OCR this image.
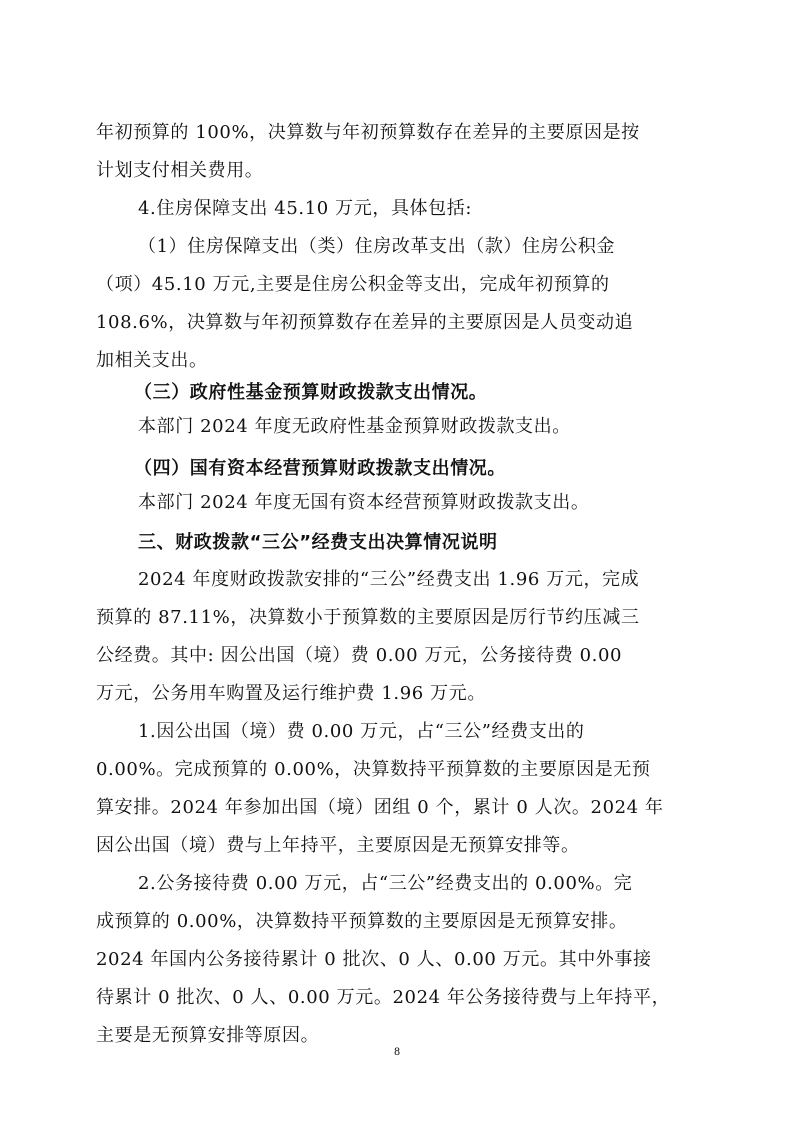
年初预算的 100%，决算数与年初预算数存在差异的主要原因是按
计划支付相关费用。
4.住房保障支出 45.10 万元，具体包括:
（1）住房保障支出（类）住房改革支出（款）住房公积金
（项）45.10 万元,主要是住房公积金等支出，完成年初预算的
108.6%，决算数与年初预算数存在差异的主要原因是人员变动追
加相关支出。
（三）政府性基金预算财政拨款支出情况。
本部门 2024 年度无政府性基金预算财政拨款支出。
（四）国有资本经营预算财政拨款支出情况。
本部门 2024 年度无国有资本经营预算财政拨款支出。
三、财政拨款“三公”经费支出决算情况说明
2024 年度财政拨款安排的“三公”经费支出 1.96 万元，完成
预算的 87.11%，决算数小于预算数的主要原因是厉行节约压减三
公经费。其中: 因公出国（境）费 0.00 万元，公务接待费 0.00
万元，公务用车购置及运行维护费 1.96 万元。
1.因公出国（境）费 0.00 万元，占“三公”经费支出的
0.00%。完成预算的 0.00%，决算数持平预算数的主要原因是无预
算安排。2024 年参加出国（境）团组 0 个，累计 0 人次。2024 年
因公出国（境）费与上年持平，主要原因是无预算安排等。
2.公务接待费 0.00 万元，占“三公”经费支出的 0.00%。完
成预算的 0.00%，决算数持平预算数的主要原因是无预算安排。
2024 年国内公务接待累计 0 批次、0 人、0.00 万元。其中外事接
待累计 0 批次、0 人、0.00 万元。2024 年公务接待费与上年持平，
主要是无预算安排等原因。
8
